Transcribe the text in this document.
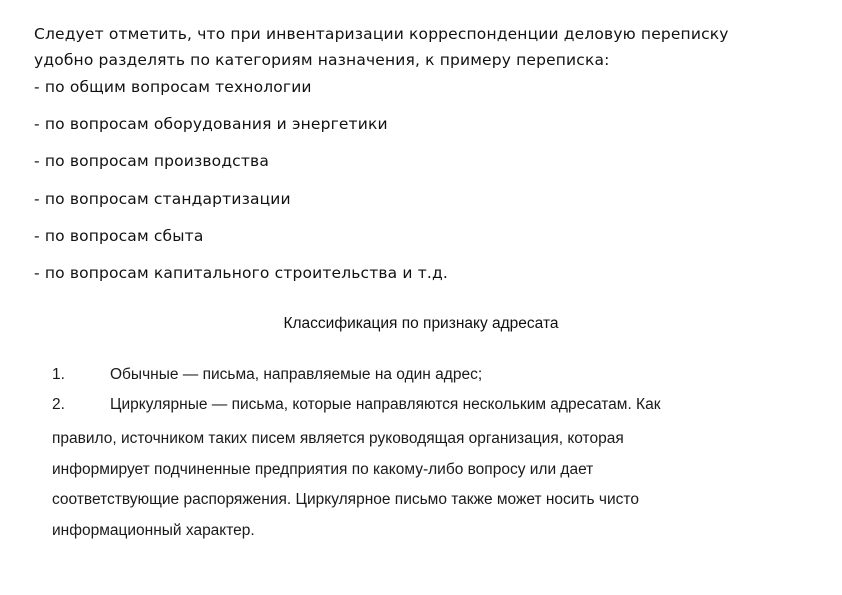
Следует отметить, что при инвентаризации корреспонденции деловую переписку

удобно разделять по категориям назначения, к примеру переписка:

- по общим вопросам технологии
- по вопросам оборудования и энергетики
- по вопросам производства
- по вопросам стандартизации
- по вопросам сбыта
- по вопросам капитального строительства и т.д.
Классификация по признаку адресата
1.	Обычные — письма, направляемые на один адрес;
2.	Циркулярные — письма, которые направляются нескольким адресатам. Как

правило, источником таких писем является руководящая организация, которая

информирует подчиненные предприятия по какому-либо вопросу или дает

соответствующие распоряжения. Циркулярное письмо также может носить чисто

информационный характер.
